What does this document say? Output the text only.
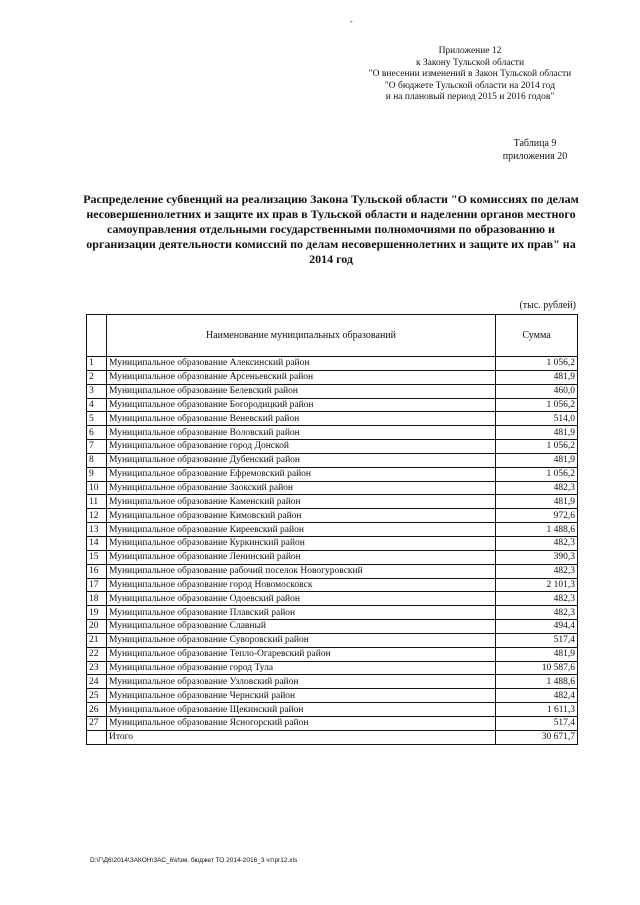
-
Приложение 12
к Закону Тульской области
"О внесении изменений в Закон Тульской области
"О бюджете Тульской области на 2014 год
и на плановый период 2015 и 2016 годов"
Таблица 9
приложения 20
Распределение субвенций на реализацию Закона Тульской области "О комиссиях по делам несовершеннолетних и защите их прав в Тульской области и наделении органов местного самоуправления отдельными государственными полномочиями по образованию и организации деятельности комиссий по делам несовершеннолетних и защите их прав" на 2014 год
(тыс. рублей)
	Наименование муниципальных образований	Сумма
1	Муниципальное образование Алексинский район	1 056,2
2	Муниципальное образование Арсеньевский район	481,9
3	Муниципальное образование Белевский район	460,0
4	Муниципальное образование Богородицкий район	1 056,2
5	Муниципальное образование Веневский район	514,0
6	Муниципальное образование Воловский район	481,9
7	Муниципальное образование город Донской	1 056,2
8	Муниципальное образование Дубенский район	481,9
9	Муниципальное образование Ефремовский район	1 056,2
10	Муниципальное образование Заокский район	482,3
11	Муниципальное образование Каменский район	481,9
12	Муниципальное образование Кимовский район	972,6
13	Муниципальное образование Киреевский район	1 488,6
14	Муниципальное образование Куркинский район	482,3
15	Муниципальное образование Ленинский район	390,3
16	Муниципальное образование рабочий поселок Новогуровский	482,3
17	Муниципальное образование город Новомосковск	2 101,3
18	Муниципальное образование Одоевский район	482,3
19	Муниципальное образование Плавский район	482,3
20	Муниципальное образование Славный	494,4
21	Муниципальное образование Суворовский район	517,4
22	Муниципальное образование Тепло-Огаревский район	481,9
23	Муниципальное образование город Тула	10 587,6
24	Муниципальное образование Узловский район	1 488,6
25	Муниципальное образование Чернский район	482,4
26	Муниципальное образование Щекинский район	1 611,3
27	Муниципальное образование Ясногорский район	517,4
	Итого	30 671,7
D:\Г\Д6\2014\ЗАКОН\ЗАС_6\Изм. бюджет ТО 2014-2016_3 чт\pr12.xls
